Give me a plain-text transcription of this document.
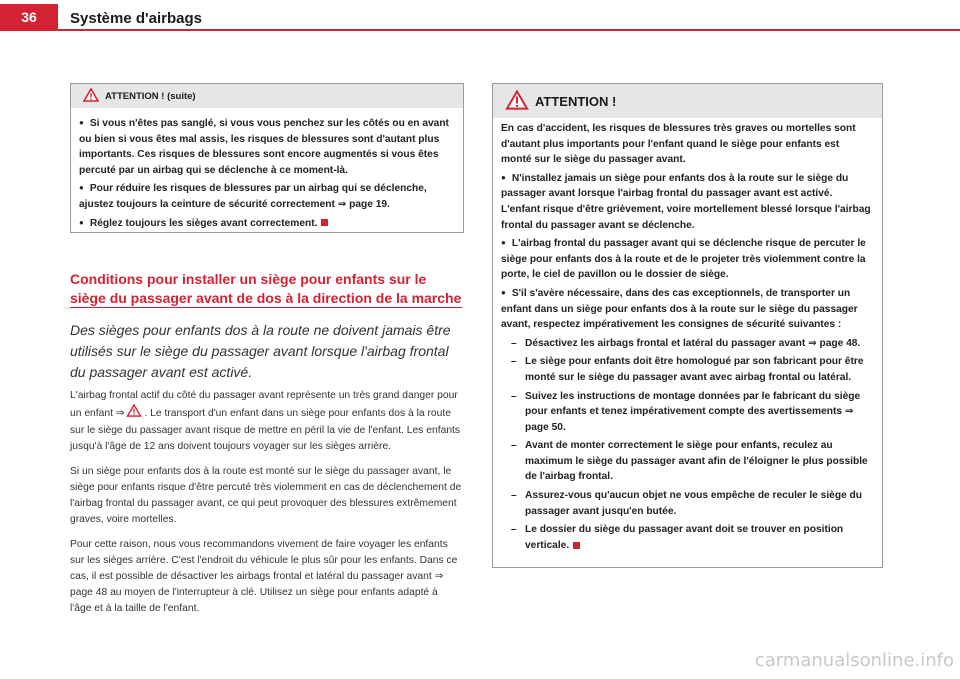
36	Système d'airbags
ATTENTION ! (suite)

● Si vous n'êtes pas sanglé, si vous vous penchez sur les côtés ou en avant ou bien si vous êtes mal assis, les risques de blessures sont d'autant plus importants. Ces risques de blessures sont encore augmentés si vous êtes percuté par un airbag qui se déclenche à ce moment-là.

● Pour réduire les risques de blessures par un airbag qui se déclenche, ajustez toujours la ceinture de sécurité correctement ⇒ page 19.

● Réglez toujours les sièges avant correctement.

Conditions pour installer un siège pour enfants sur le siège du passager avant de dos à la direction de la marche
Des sièges pour enfants dos à la route ne doivent jamais être utilisés sur le siège du passager avant lorsque l'airbag frontal du passager avant est activé.

L'airbag frontal actif du côté du passager avant représente un très grand danger pour un enfant ⇒ . Le transport d'un enfant dans un siège pour enfants dos à la route sur le siège du passager avant risque de mettre en péril la vie de l'enfant. Les enfants jusqu'à l'âge de 12 ans doivent toujours voyager sur les sièges arrière.

Si un siège pour enfants dos à la route est monté sur le siège du passager avant, le siège pour enfants risque d'être percuté très violemment en cas de déclenchement de l'airbag frontal du passager avant, ce qui peut provoquer des blessures extrêmement graves, voire mortelles.

Pour cette raison, nous vous recommandons vivement de faire voyager les enfants sur les sièges arrière. C'est l'endroit du véhicule le plus sûr pour les enfants. Dans ce cas, il est possible de désactiver les airbags frontal et latéral du passager avant ⇒ page 48 au moyen de l'interrupteur à clé. Utilisez un siège pour enfants adapté à l'âge et à la taille de l'enfant.

ATTENTION !

En cas d'accident, les risques de blessures très graves ou mortelles sont d'autant plus importants pour l'enfant quand le siège pour enfants est monté sur le siège du passager avant.

● N'installez jamais un siège pour enfants dos à la route sur le siège du passager avant lorsque l'airbag frontal du passager avant est activé. L'enfant risque d'être grièvement, voire mortellement blessé lorsque l'airbag frontal du passager avant se déclenche.

● L'airbag frontal du passager avant qui se déclenche risque de percuter le siège pour enfants dos à la route et de le projeter très violemment contre la porte, le ciel de pavillon ou le dossier de siège.

● S'il s'avère nécessaire, dans des cas exceptionnels, de transporter un enfant dans un siège pour enfants dos à la route sur le siège du passager avant, respectez impérativement les consignes de sécurité suivantes :

– Désactivez les airbags frontal et latéral du passager avant ⇒ page 48.

– Le siège pour enfants doit être homologué par son fabricant pour être monté sur le siège du passager avant avec airbag frontal ou latéral.

– Suivez les instructions de montage données par le fabricant du siège pour enfants et tenez impérativement compte des avertissements ⇒ page 50.

– Avant de monter correctement le siège pour enfants, reculez au maximum le siège du passager avant afin de l'éloigner le plus possible de l'airbag frontal.

– Assurez-vous qu'aucun objet ne vous empêche de reculer le siège du passager avant jusqu'en butée.

– Le dossier du siège du passager avant doit se trouver en position verticale.

carmanualsonline.info
